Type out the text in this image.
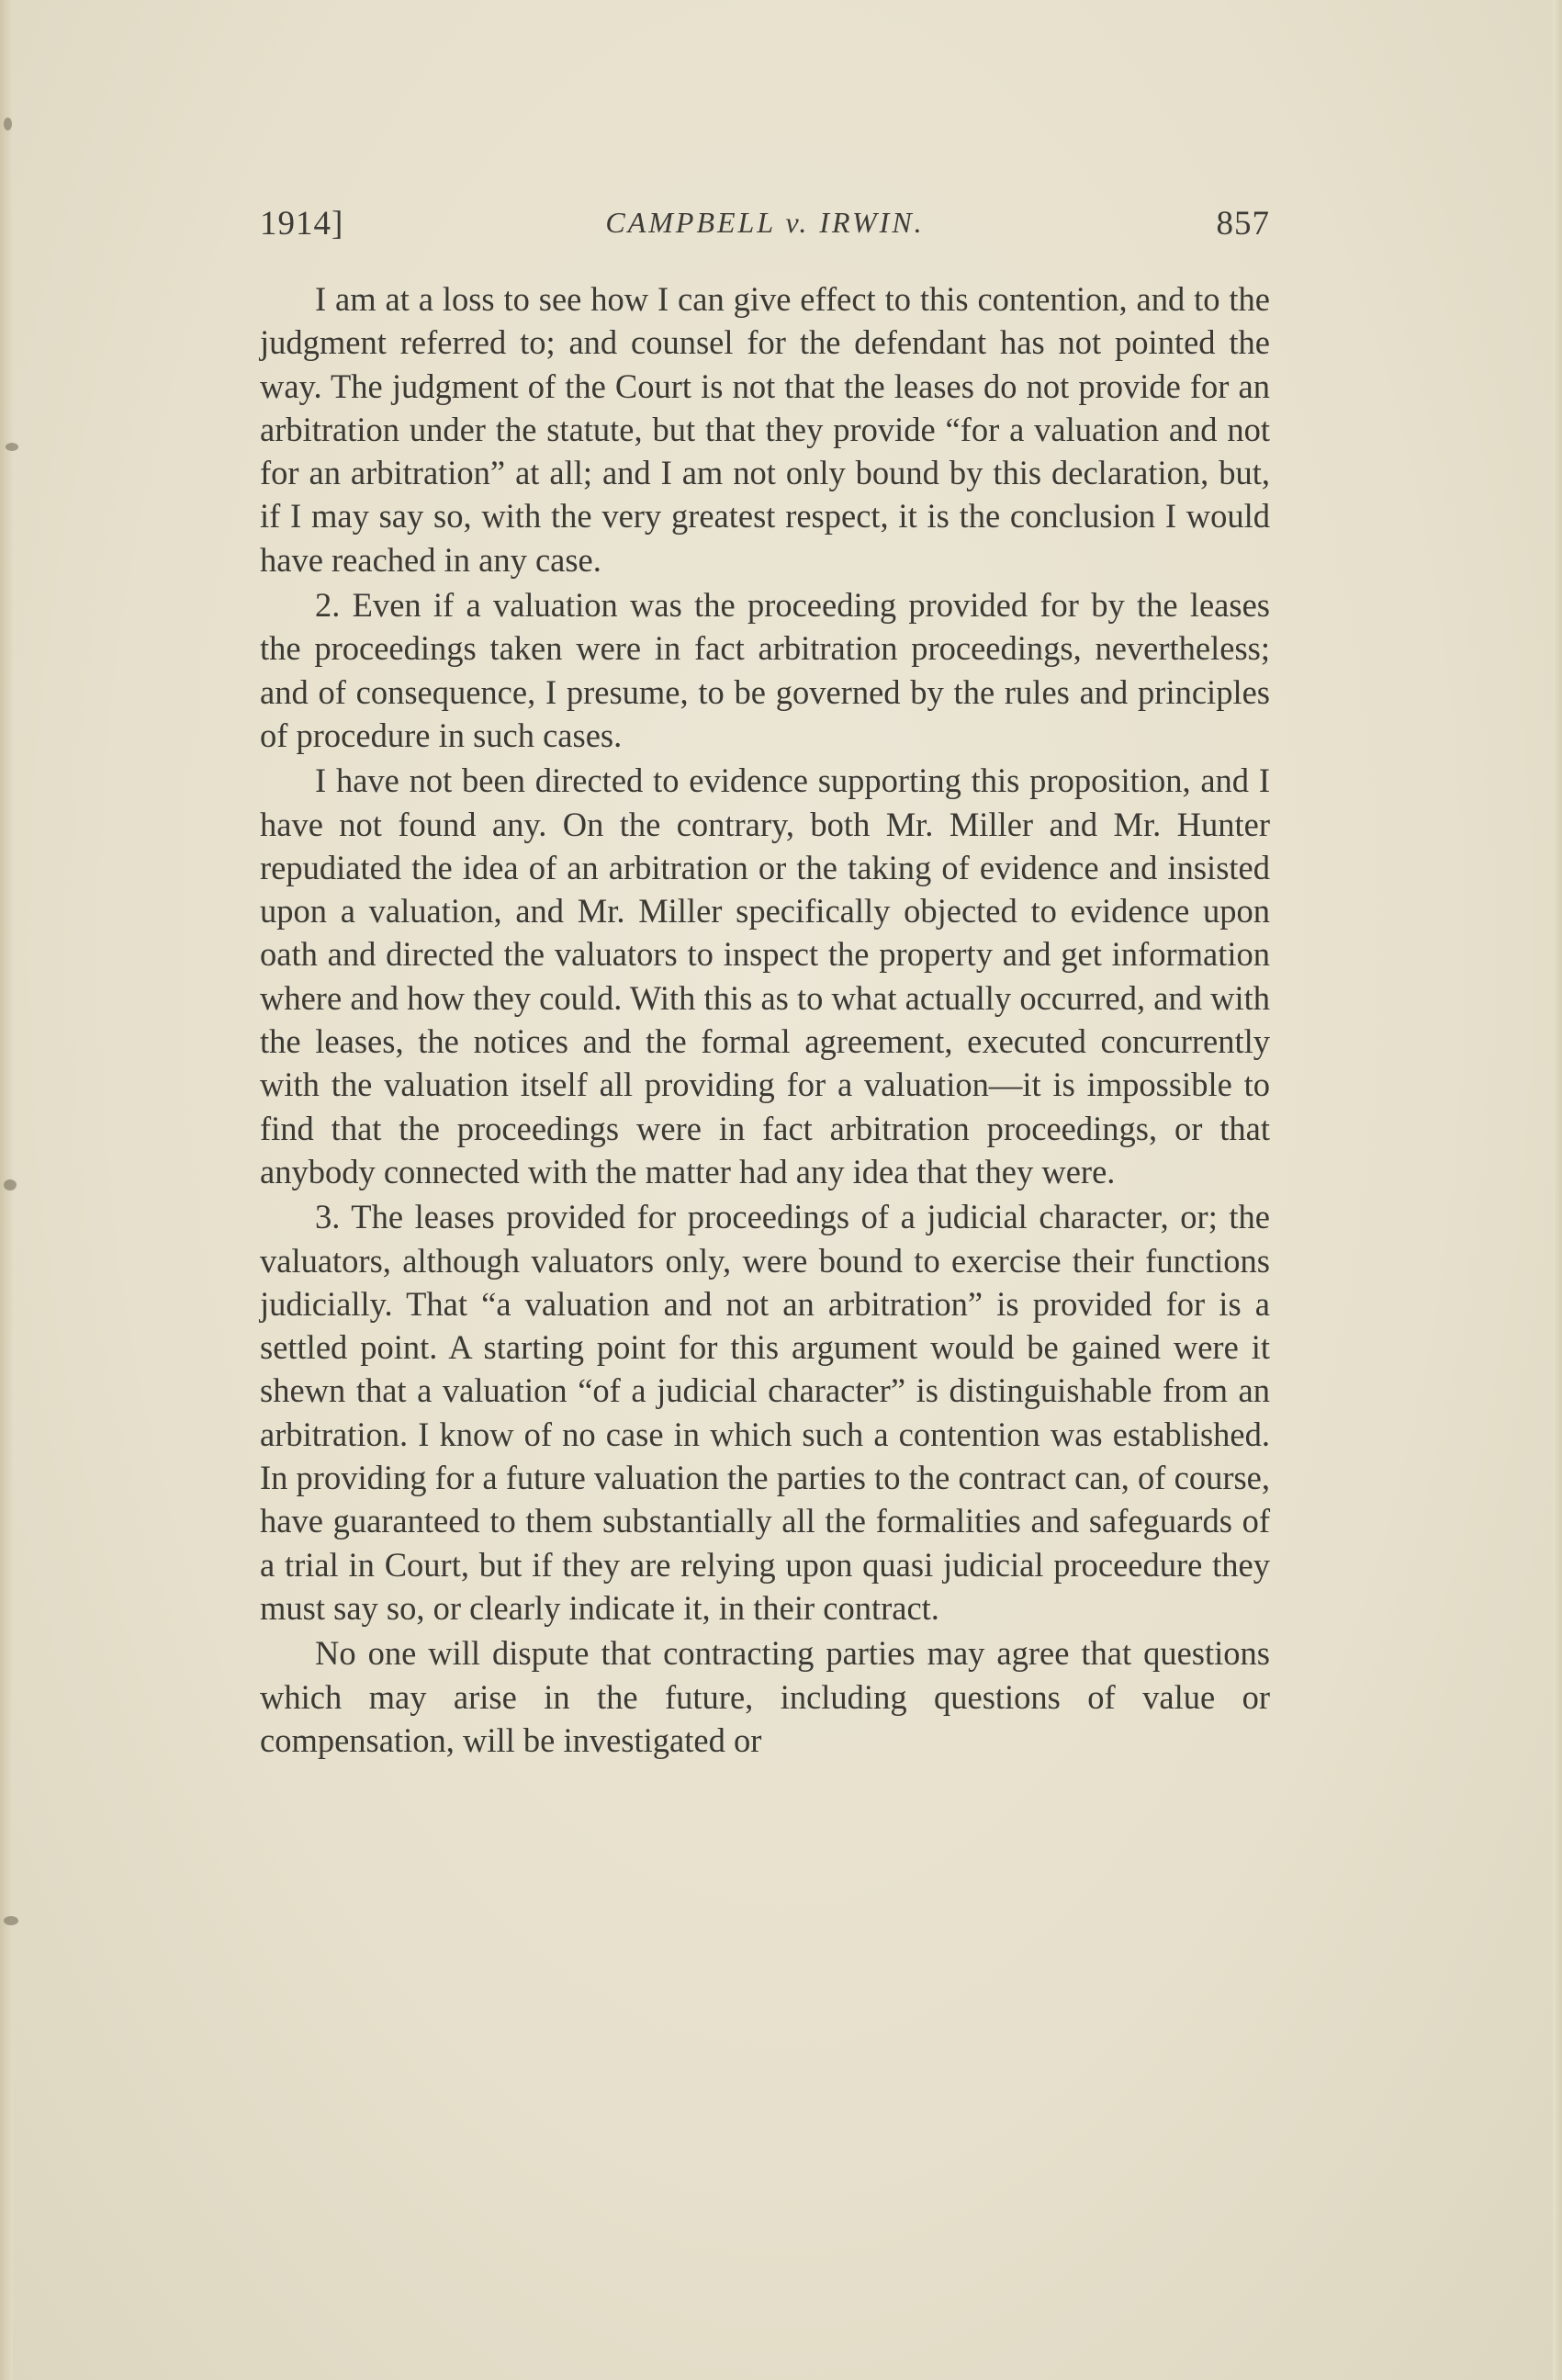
1914]	CAMPBELL v. IRWIN.	857

I am at a loss to see how I can give effect to this contention, and to the judgment referred to; and counsel for the defendant has not pointed the way. The judgment of the Court is not that the leases do not provide for an arbitration under the statute, but that they provide “for a valuation and not for an arbitration” at all; and I am not only bound by this declaration, but, if I may say so, with the very greatest respect, it is the conclusion I would have reached in any case.

2. Even if a valuation was the proceeding provided for by the leases the proceedings taken were in fact arbitration proceedings, nevertheless; and of consequence, I presume, to be governed by the rules and principles of procedure in such cases.

I have not been directed to evidence supporting this proposition, and I have not found any. On the contrary, both Mr. Miller and Mr. Hunter repudiated the idea of an arbitration or the taking of evidence and insisted upon a valuation, and Mr. Miller specifically objected to evidence upon oath and directed the valuators to inspect the property and get information where and how they could. With this as to what actually occurred, and with the leases, the notices and the formal agreement, executed concurrently with the valuation itself all providing for a valuation—it is impossible to find that the proceedings were in fact arbitration proceedings, or that anybody connected with the matter had any idea that they were.

3. The leases provided for proceedings of a judicial character, or; the valuators, although valuators only, were bound to exercise their functions judicially. That “a valuation and not an arbitration” is provided for is a settled point. A starting point for this argument would be gained were it shewn that a valuation “of a judicial character” is distinguishable from an arbitration. I know of no case in which such a contention was established. In providing for a future valuation the parties to the contract can, of course, have guaranteed to them substantially all the formalities and safeguards of a trial in Court, but if they are relying upon quasi judicial proceedure they must say so, or clearly indicate it, in their contract.

No one will dispute that contracting parties may agree that questions which may arise in the future, including questions of value or compensation, will be investigated or
